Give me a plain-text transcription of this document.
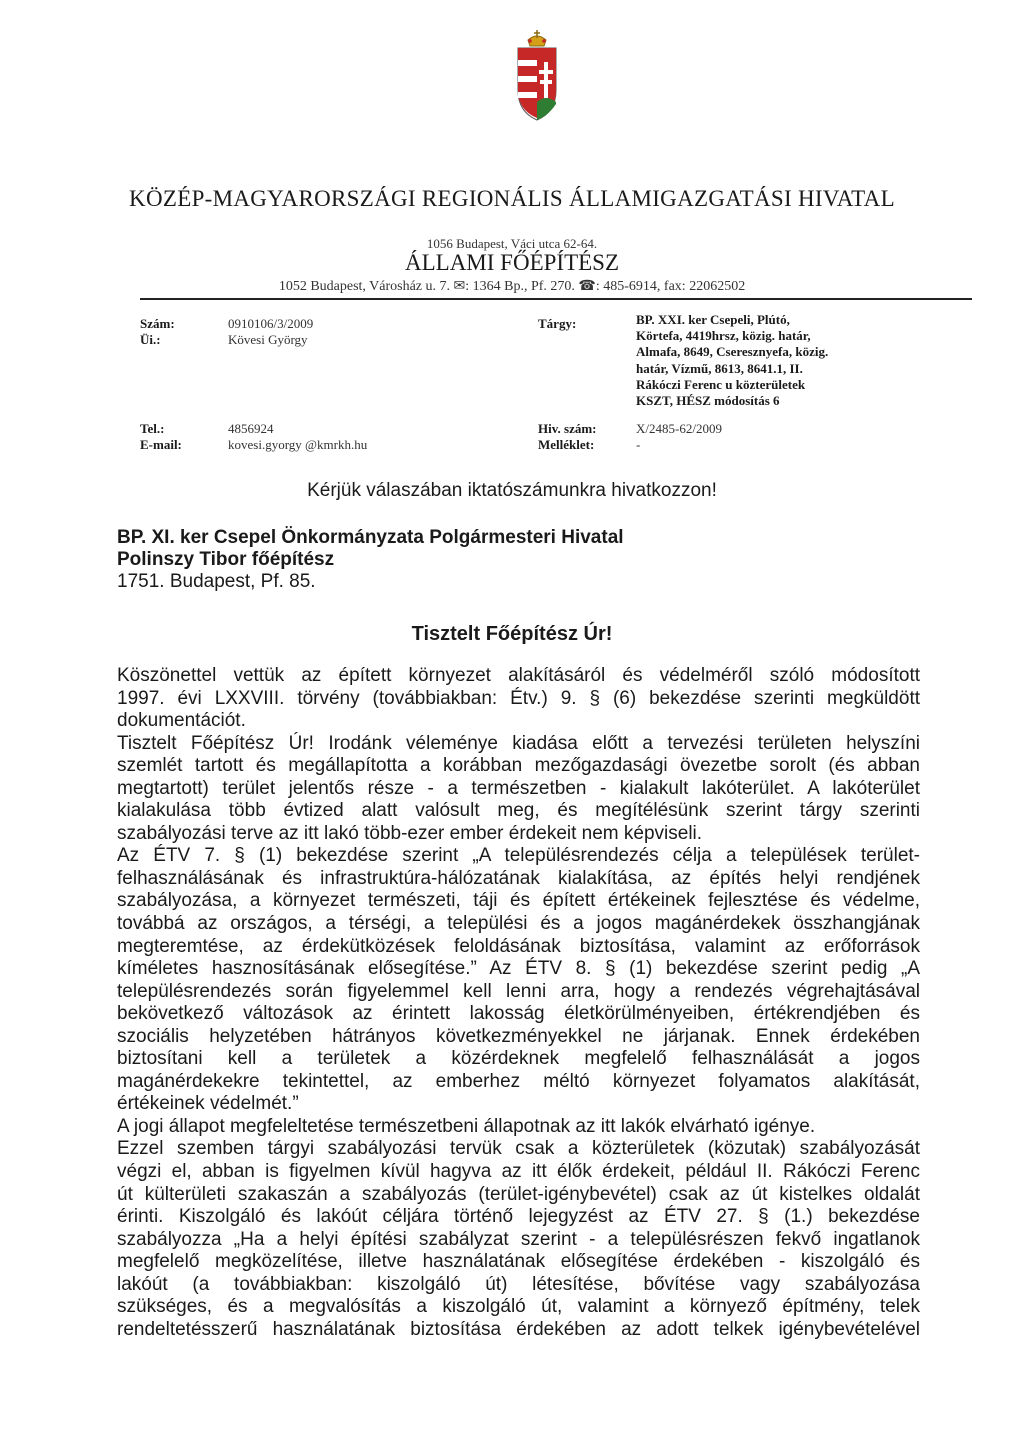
KÖZÉP-MAGYARORSZÁGI REGIONÁLIS ÁLLAMIGAZGATÁSI HIVATAL
1056 Budapest, Váci utca 62-64.
ÁLLAMI FŐÉPÍTÉSZ
1052 Budapest, Városház u. 7. ✉: 1364 Bp., Pf. 270. ☎: 485-6914, fax: 22062502
Szám:	0910106/3/2009
Üi.:	Kövesi György
Tel.:	4856924
E-mail:	kovesi.gyorgy @kmrkh.hu
Tárgy:	BP. XXI. ker Csepeli, Plútó,
Körtefa, 4419hrsz, közig. határ,
Almafa, 8649, Cseresznyefa, közig.
határ, Vízmű, 8613, 8641.1, II.
Rákóczi Ferenc u közterületek
KSZT, HÉSZ módosítás 6
Hiv. szám:	X/2485-62/2009
Melléklet:	-
Kérjük válaszában iktatószámunkra hivatkozzon!
BP. XI. ker Csepel Önkormányzata Polgármesteri Hivatal
Polinszy Tibor főépítész
1751. Budapest, Pf. 85.
Tisztelt Főépítész Úr!
Köszönettel vettük az épített környezet alakításáról és védelméről szóló módosított
1997. évi LXXVIII. törvény (továbbiakban: Étv.) 9. § (6) bekezdése szerinti megküldött
dokumentációt.
Tisztelt Főépítész Úr! Irodánk véleménye kiadása előtt a tervezési területen helyszíni
szemlét tartott és megállapította a korábban mezőgazdasági övezetbe sorolt (és abban
megtartott) terület jelentős része - a természetben - kialakult lakóterület. A lakóterület
kialakulása több évtized alatt valósult meg, és megítélésünk szerint tárgy szerinti
szabályozási terve az itt lakó több-ezer ember érdekeit nem képviseli.
Az ÉTV 7. § (1) bekezdése szerint „A településrendezés célja a települések terület-
felhasználásának és infrastruktúra-hálózatának kialakítása, az építés helyi rendjének
szabályozása, a környezet természeti, táji és épített értékeinek fejlesztése és védelme,
továbbá az országos, a térségi, a települési és a jogos magánérdekek összhangjának
megteremtése, az érdekütközések feloldásának biztosítása, valamint az erőforrások
kíméletes hasznosításának elősegítése.” Az ÉTV 8. § (1) bekezdése szerint pedig „A
településrendezés során figyelemmel kell lenni arra, hogy a rendezés végrehajtásával
bekövetkező változások az érintett lakosság életkörülményeiben, értékrendjében és
szociális helyzetében hátrányos következményekkel ne járjanak. Ennek érdekében
biztosítani kell a területek a közérdeknek megfelelő felhasználását a jogos
magánérdekekre tekintettel, az emberhez méltó környezet folyamatos alakítását,
értékeinek védelmét.”
A jogi állapot megfeleltetése természetbeni állapotnak az itt lakók elvárható igénye.
Ezzel szemben tárgyi szabályozási tervük csak a közterületek (közutak) szabályozását
végzi el, abban is figyelmen kívül hagyva az itt élők érdekeit, például II. Rákóczi Ferenc
út külterületi szakaszán a szabályozás (terület-igénybevétel) csak az út kistelkes oldalát
érinti. Kiszolgáló és lakóút céljára történő lejegyzést az ÉTV 27. § (1.) bekezdése
szabályozza „Ha a helyi építési szabályzat szerint - a településrészen fekvő ingatlanok
megfelelő megközelítése, illetve használatának elősegítése érdekében - kiszolgáló és
lakóút (a továbbiakban: kiszolgáló út) létesítése, bővítése vagy szabályozása
szükséges, és a megvalósítás a kiszolgáló út, valamint a környező építmény, telek
rendeltetésszerű használatának biztosítása érdekében az adott telkek igénybevételével
